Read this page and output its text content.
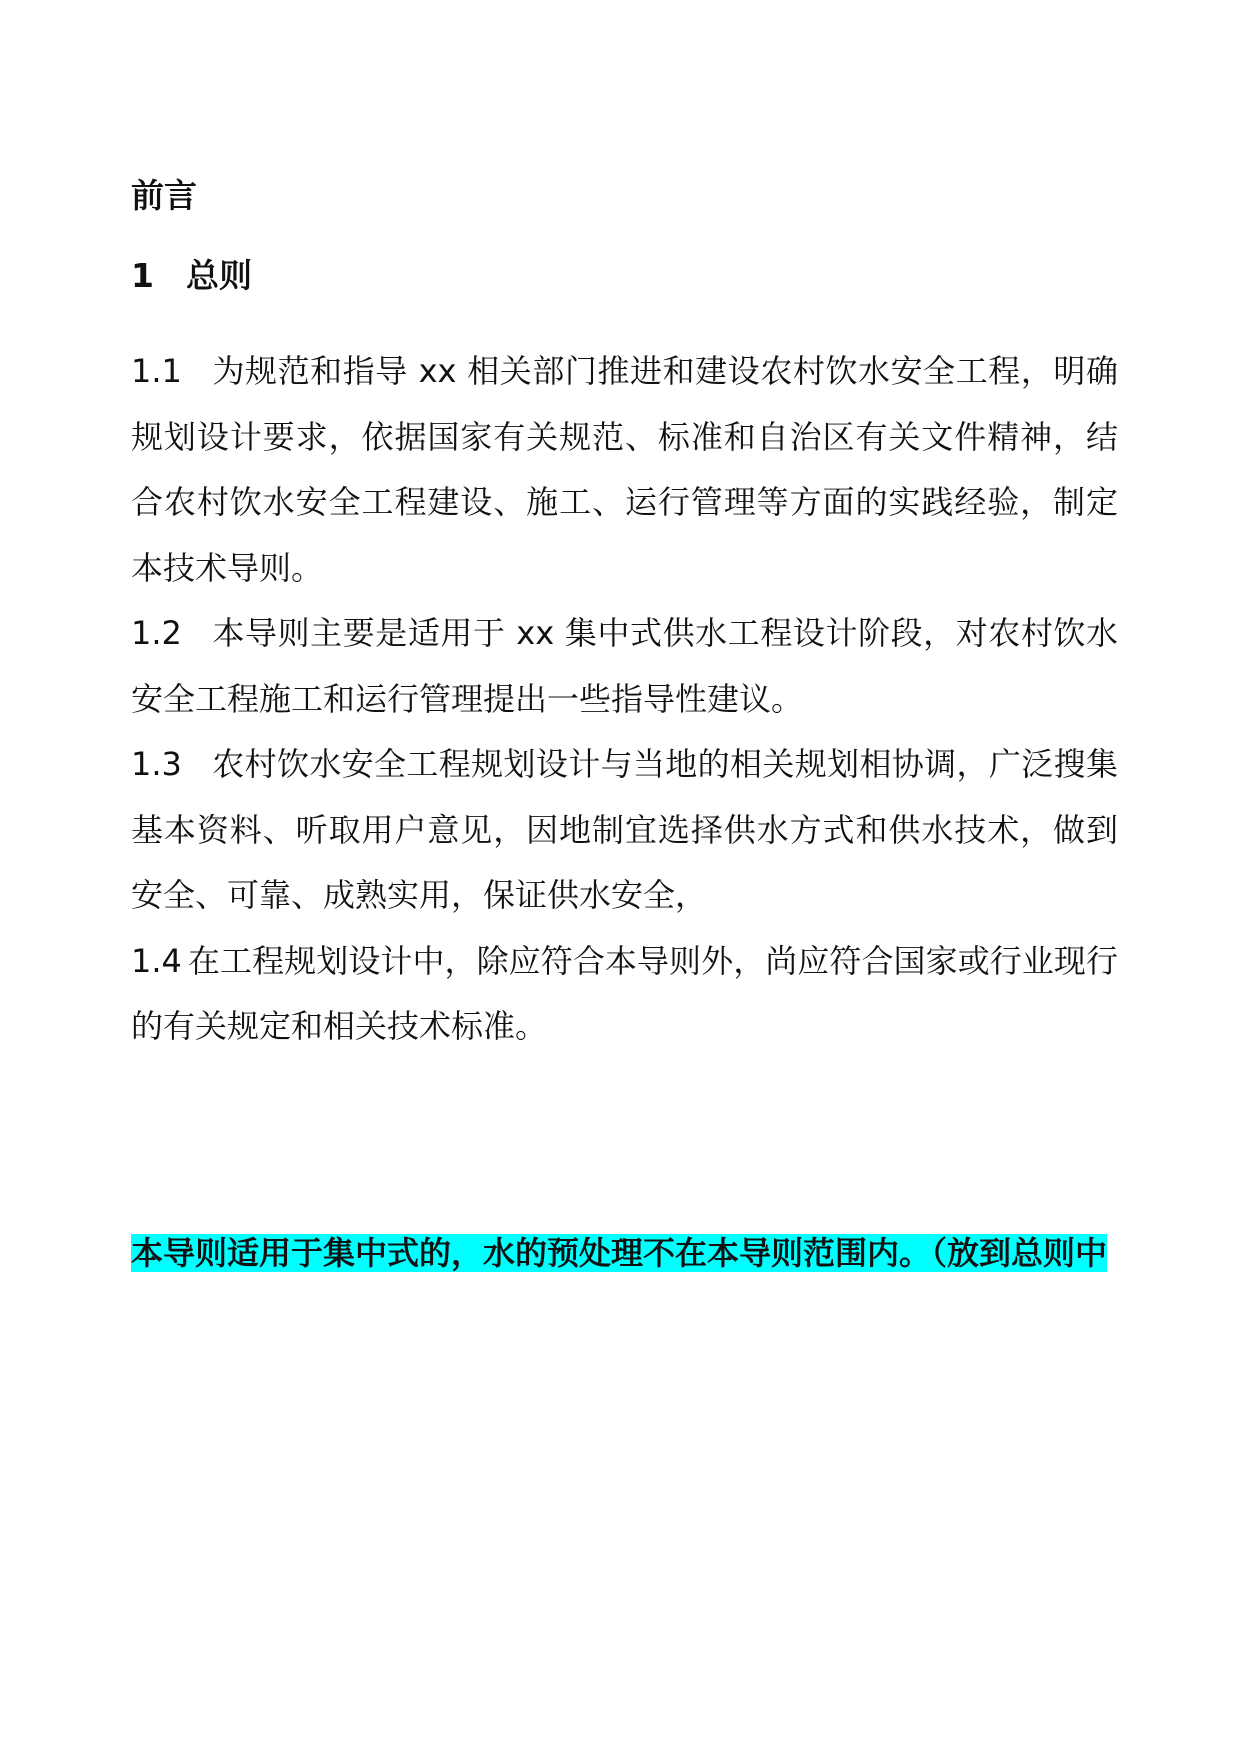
前言
1 总则

1.1 为规范和指导 xx 相关部门推进和建设农村饮水安全工程，明确规划设计要求，依据国家有关规范、标准和自治区有关文件精神，结合农村饮水安全工程建设、施工、运行管理等方面的实践经验，制定本技术导则。

1.2 本导则主要是适用于 xx 集中式供水工程设计阶段，对农村饮水安全工程施工和运行管理提出一些指导性建议。

1.3 农村饮水安全工程规划设计与当地的相关规划相协调，广泛搜集基本资料、听取用户意见，因地制宜选择供水方式和供水技术，做到安全、可靠、成熟实用，保证供水安全，

1.4 在工程规划设计中，除应符合本导则外，尚应符合国家或行业现行的有关规定和相关技术标准。

本导则适用于集中式的，水的预处理不在本导则范围内。（放到总则中
